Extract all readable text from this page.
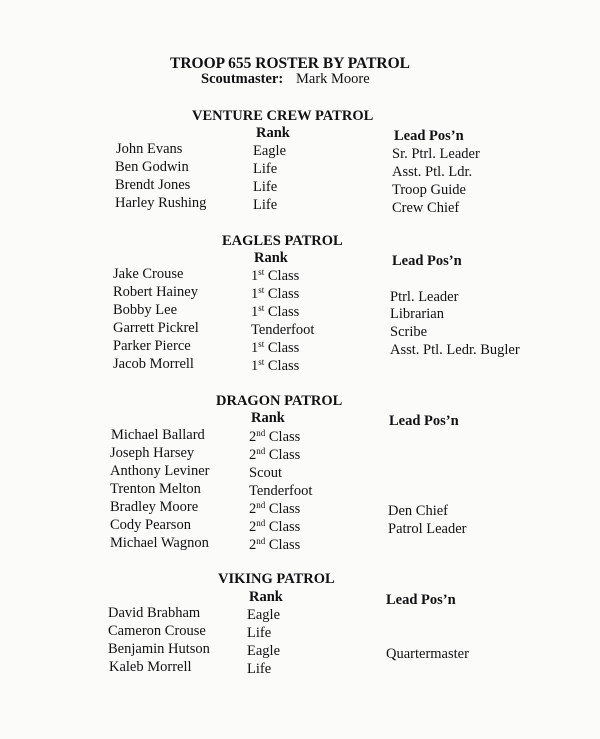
TROOP 655 ROSTER BY PATROL
Scoutmaster: Mark Moore
VENTURE CREW PATROL
Rank	Lead Pos’n
John Evans	Eagle	Sr. Ptrl. Leader
Ben Godwin	Life	Asst. Ptl. Ldr.
Brendt Jones	Life	Troop Guide
Harley Rushing	Life	Crew Chief
EAGLES PATROL
Rank	Lead Pos’n
Jake Crouse	1st Class
Robert Hainey	1st Class	Ptrl. Leader
Bobby Lee	1st Class	Librarian
Garrett Pickrel	Tenderfoot	Scribe
Parker Pierce	1st Class	Asst. Ptl. Ledr. Bugler
Jacob Morrell	1st Class
DRAGON PATROL
Rank	Lead Pos’n
Michael Ballard	2nd Class
Joseph Harsey	2nd Class
Anthony Leviner	Scout
Trenton Melton	Tenderfoot
Bradley Moore	2nd Class	Den Chief
Cody Pearson	2nd Class	Patrol Leader
Michael Wagnon	2nd Class
VIKING PATROL
Rank	Lead Pos’n
David Brabham	Eagle
Cameron Crouse	Life
Benjamin Hutson	Eagle	Quartermaster
Kaleb Morrell	Life
